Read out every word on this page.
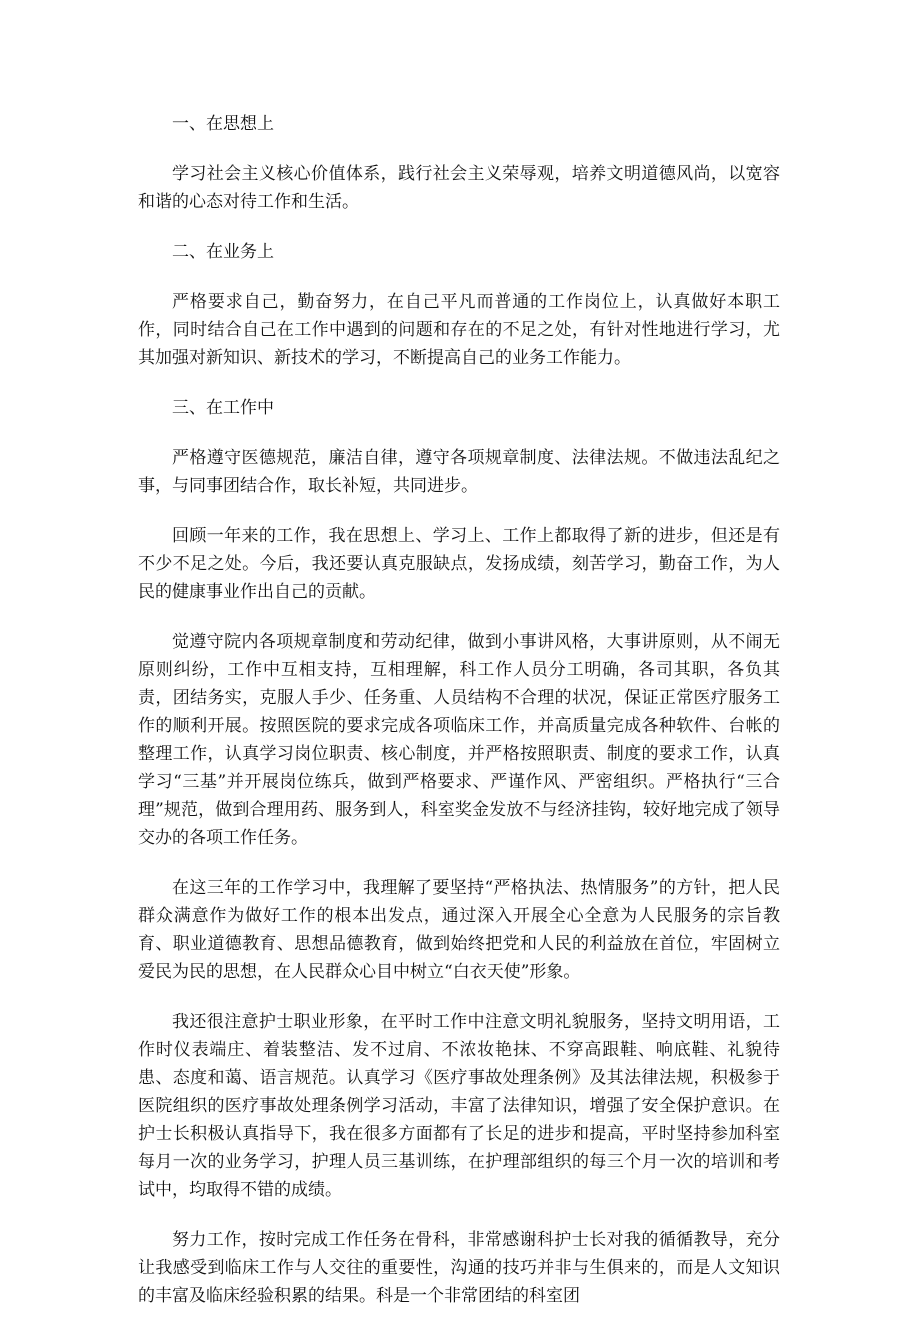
一、在思想上

学习社会主义核心价值体系，践行社会主义荣辱观，培养文明道德风尚，以宽容和谐的心态对待工作和生活。

二、在业务上

严格要求自己，勤奋努力，在自己平凡而普通的工作岗位上，认真做好本职工作，同时结合自己在工作中遇到的问题和存在的不足之处，有针对性地进行学习，尤其加强对新知识、新技术的学习，不断提高自己的业务工作能力。

三、在工作中

严格遵守医德规范，廉洁自律，遵守各项规章制度、法律法规。不做违法乱纪之事，与同事团结合作，取长补短，共同进步。

回顾一年来的工作，我在思想上、学习上、工作上都取得了新的进步，但还是有不少不足之处。今后，我还要认真克服缺点，发扬成绩，刻苦学习，勤奋工作，为人民的健康事业作出自己的贡献。

觉遵守院内各项规章制度和劳动纪律，做到小事讲风格，大事讲原则，从不闹无原则纠纷，工作中互相支持，互相理解，科工作人员分工明确，各司其职，各负其责，团结务实，克服人手少、任务重、人员结构不合理的状况，保证正常医疗服务工作的顺利开展。按照医院的要求完成各项临床工作，并高质量完成各种软件、台帐的整理工作，认真学习岗位职责、核心制度，并严格按照职责、制度的要求工作，认真学习“三基”并开展岗位练兵，做到严格要求、严谨作风、严密组织。严格执行“三合理”规范，做到合理用药、服务到人，科室奖金发放不与经济挂钩，较好地完成了领导交办的各项工作任务。

在这三年的工作学习中，我理解了要坚持“严格执法、热情服务”的方针，把人民群众满意作为做好工作的根本出发点，通过深入开展全心全意为人民服务的宗旨教育、职业道德教育、思想品德教育，做到始终把党和人民的利益放在首位，牢固树立爱民为民的思想，在人民群众心目中树立“白衣天使”形象。

我还很注意护士职业形象，在平时工作中注意文明礼貌服务，坚持文明用语，工作时仪表端庄、着装整洁、发不过肩、不浓妆艳抹、不穿高跟鞋、响底鞋、礼貌待患、态度和蔼、语言规范。认真学习《医疗事故处理条例》及其法律法规，积极参于医院组织的医疗事故处理条例学习活动，丰富了法律知识，增强了安全保护意识。在护士长积极认真指导下，我在很多方面都有了长足的进步和提高，平时坚持参加科室每月一次的业务学习，护理人员三基训练，在护理部组织的每三个月一次的培训和考试中，均取得不错的成绩。

努力工作，按时完成工作任务在骨科，非常感谢科护士长对我的循循教导，充分让我感受到临床工作与人交往的重要性，沟通的技巧并非与生俱来的，而是人文知识的丰富及临床经验积累的结果。科是一个非常团结的科室团
